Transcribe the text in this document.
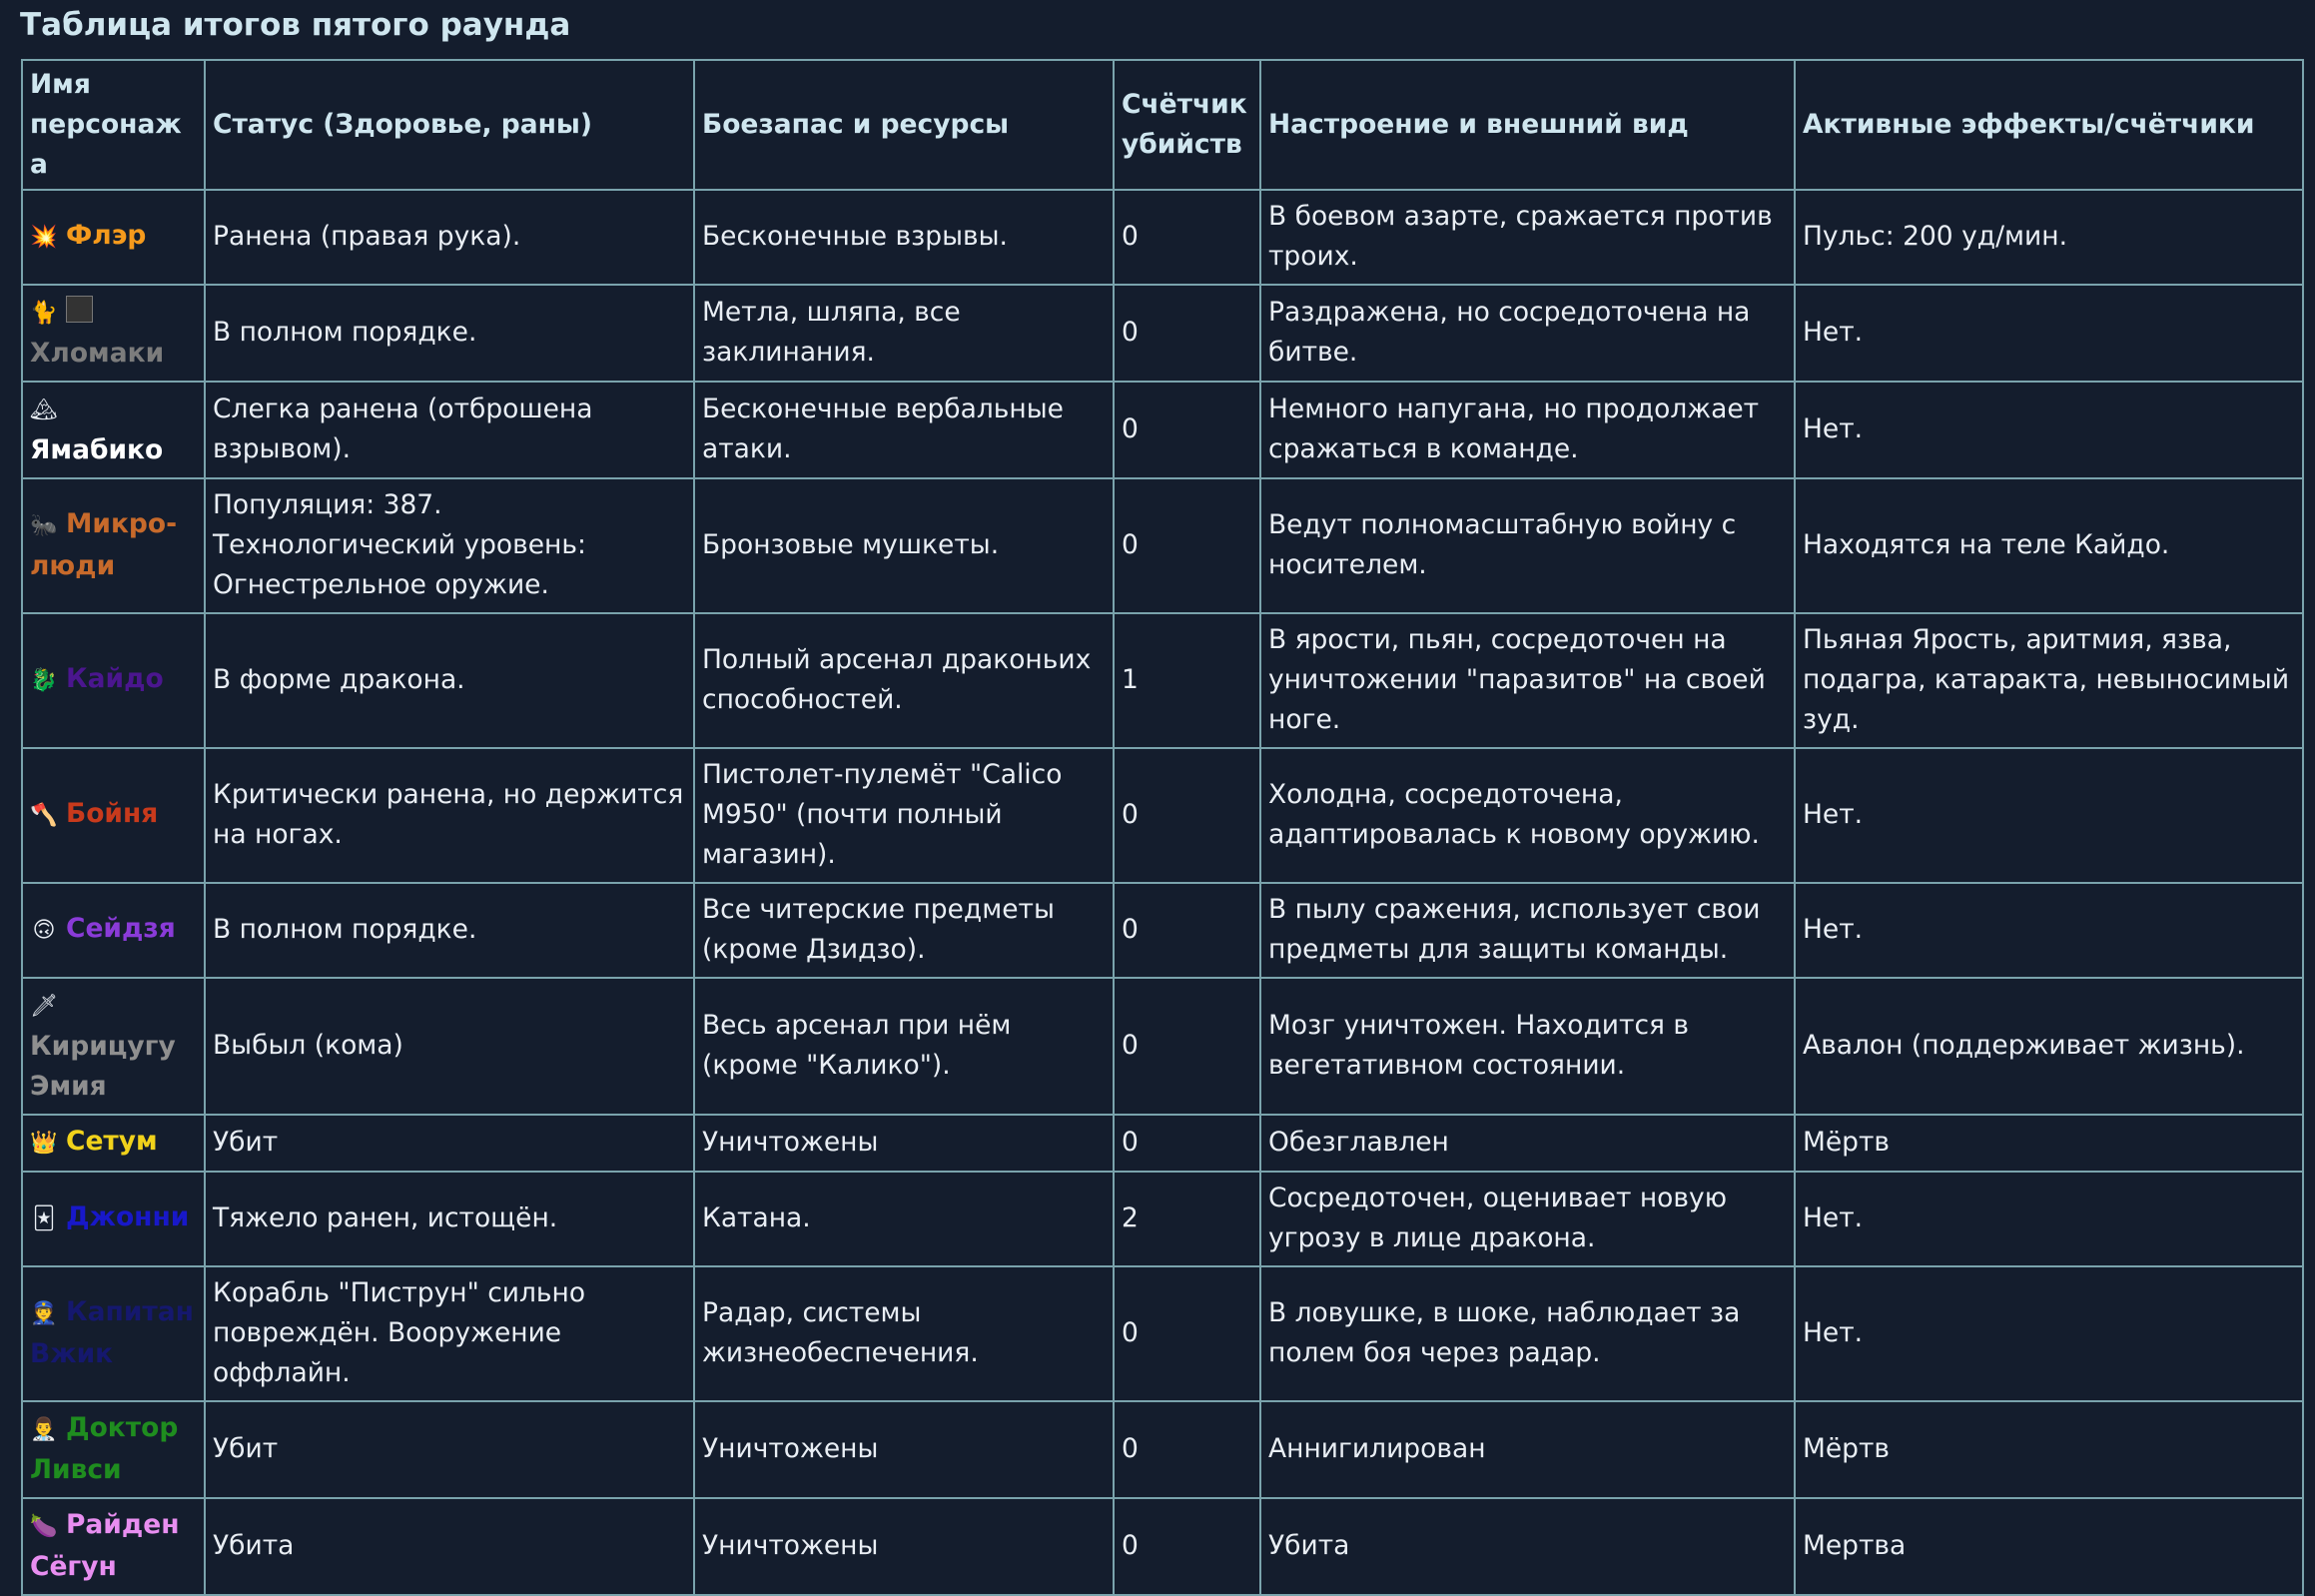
Таблица итогов пятого раунда
Имя персонажа	Статус (Здоровье, раны)	Боезапас и ресурсы	Счётчик убийств	Настроение и внешний вид	Активные эффекты/счётчики
💥 Флэр	Ранена (правая рука).	Бесконечные взрывы.	0	В боевом азарте, сражается против троих.	Пульс: 200 уд/мин.
🐈
Хломаки	В полном порядке.	Метла, шляпа, все заклинания.	0	Раздражена, но сосредоточена на битве.	Нет.
🏔Ямабико	Слегка ранена (отброшена взрывом).	Бесконечные вербальные атаки.	0	Немного напугана, но продолжает сражаться в команде.	Нет.
🐜 Микро-люди	Популяция: 387. Технологический уровень: Огнестрельное оружие.	Бронзовые мушкеты.	0	Ведут полномасштабную войну с носителем.	Находятся на теле Кайдо.
🐉 Кайдо	В форме дракона.	Полный арсенал драконьих способностей.	1	В ярости, пьян, сосредоточен на уничтожении "паразитов" на своей ноге.	Пьяная Ярость, аритмия, язва, подагра, катаракта, невыносимый зуд.
🪓 Бойня	Критически ранена, но держится на ногах.	Пистолет-пулемёт "Calico M950" (почти полный магазин).	0	Холодна, сосредоточена, адаптировалась к новому оружию.	Нет.
🙃 Сейдзя	В полном порядке.	Все читерские предметы (кроме Дзидзо).	0	В пылу сражения, использует свои предметы для защиты команды.	Нет.
🗡
Кирицугу Эмия	Выбыл (кома)	Весь арсенал при нём (кроме "Калико").	0	Мозг уничтожен. Находится в вегетативном состоянии.	Авалон (поддерживает жизнь).
👑 Сетум	Убит	Уничтожены	0	Обезглавлен	Мёртв
🃏 Джонни	Тяжело ранен, истощён.	Катана.	2	Сосредоточен, оценивает новую угрозу в лице дракона.	Нет.
👮 Капитан Вжик	Корабль "Пиструн" сильно повреждён. Вооружение оффлайн.	Радар, системы жизнеобеспечения.	0	В ловушке, в шоке, наблюдает за полем боя через радар.	Нет.
👨‍⚕️ Доктор Ливси	Убит	Уничтожены	0	Аннигилирован	Мёртв
🍆 Райден Сёгун	Убита	Уничтожены	0	Убита	Мертва
